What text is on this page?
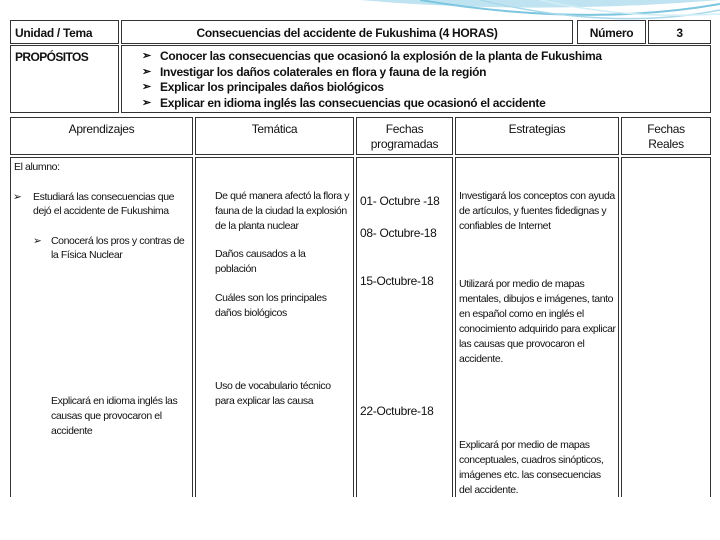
Unidad / Tema	Consecuencias del accidente de Fukushima (4 HORAS)	Número	3
PROPÓSITOS
➢	Conocer las consecuencias que ocasionó la explosión de la planta de Fukushima
➢ Investigar los daños colaterales en flora y fauna de la región
➢ Explicar los principales daños biológicos
➢ Explicar en idioma inglés las consecuencias que ocasionó el accidente
Aprendizajes	Temática	Fechas programadas
Estrategias	Fechas Reales
El alumno:
➢ Estudiará las consecuencias que dejó el accidente de Fukushima
➢ Conocerá los pros y contras de la Física Nuclear
Explicará en idioma inglés las causas que provocaron el accidente
De qué manera afectó la flora y fauna de la ciudad la explosión de la planta nuclear
Daños causados a la población
Cuáles son los principales daños biológicos
Uso de vocabulario técnico para explicar las causa
01- Octubre -18
08- Octubre-18
15-Octubre-18
22-Octubre-18
Investigará los conceptos con ayuda de artículos, y fuentes fidedignas y confiables de Internet
Utilizará por medio de mapas mentales, dibujos e imágenes, tanto en español como en inglés el conocimiento adquirido para explicar las causas que provocaron el accidente.
Explicará por medio de mapas conceptuales, cuadros sinópticos, imágenes etc. las consecuencias del accidente.
